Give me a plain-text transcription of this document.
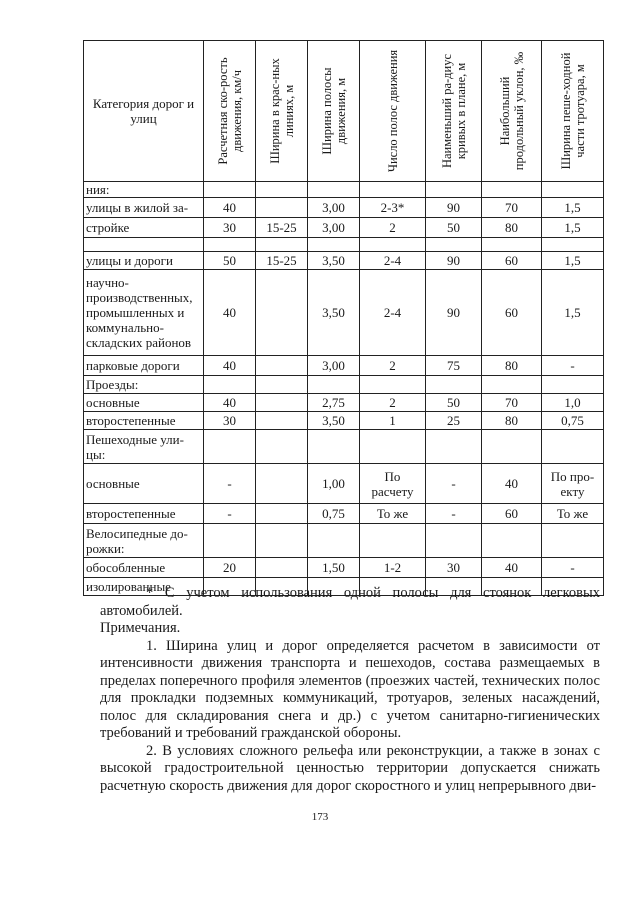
Категория дорог и улиц	Расчетная ско-рость движения, км/ч	Ширина в крас-ных линиях, м	Ширина полосы движения, м	Число полос движения	Наименьший ра-диус кривых в плане, м	Наибольший продольный уклон, ‰	Ширина пеше-ходной части тротуара, м

ния:							
улицы в жилой за-	40		3,00	2-3*	90	70	1,5
стройке	30	15-25	3,00	2	50	80	1,5

улицы и дороги	50	15-25	3,50	2-4	90	60	1,5
научно-производственных, промышленных и коммунально-складских районов	40		3,50	2-4	90	60	1,5
парковые дороги	40		3,00	2	75	80	-
Проезды:							
основные	40		2,75	2	50	70	1,0
второстепенные	30		3,50	1	25	80	0,75
Пешеходные ули-цы:							
основные	-		1,00	По расчету	-	40	По про-екту
второстепенные	-		0,75	То же	-	60	То же
Велосипедные до-рожки:							
обособленные	20		1,50	1-2	30	40	-
изолированные							

* С учетом использования одной полосы для стоянок легковых автомобилей.

Примечания.

1. Ширина улиц и дорог определяется расчетом в зависимости от интенсивности движения транспорта и пешеходов, состава размещаемых в пределах поперечного профиля элементов (проезжих частей, технических полос для прокладки подземных коммуникаций, тротуаров, зеленых насаждений, полос для складирования снега и др.) с учетом санитарно-гигиенических требований и требований гражданской обороны.

2. В условиях сложного рельефа или реконструкции, а также в зонах с высокой градостроительной ценностью территории допускается снижать расчетную скорость движения для дорог скоростного и улиц непрерывного дви-

173
